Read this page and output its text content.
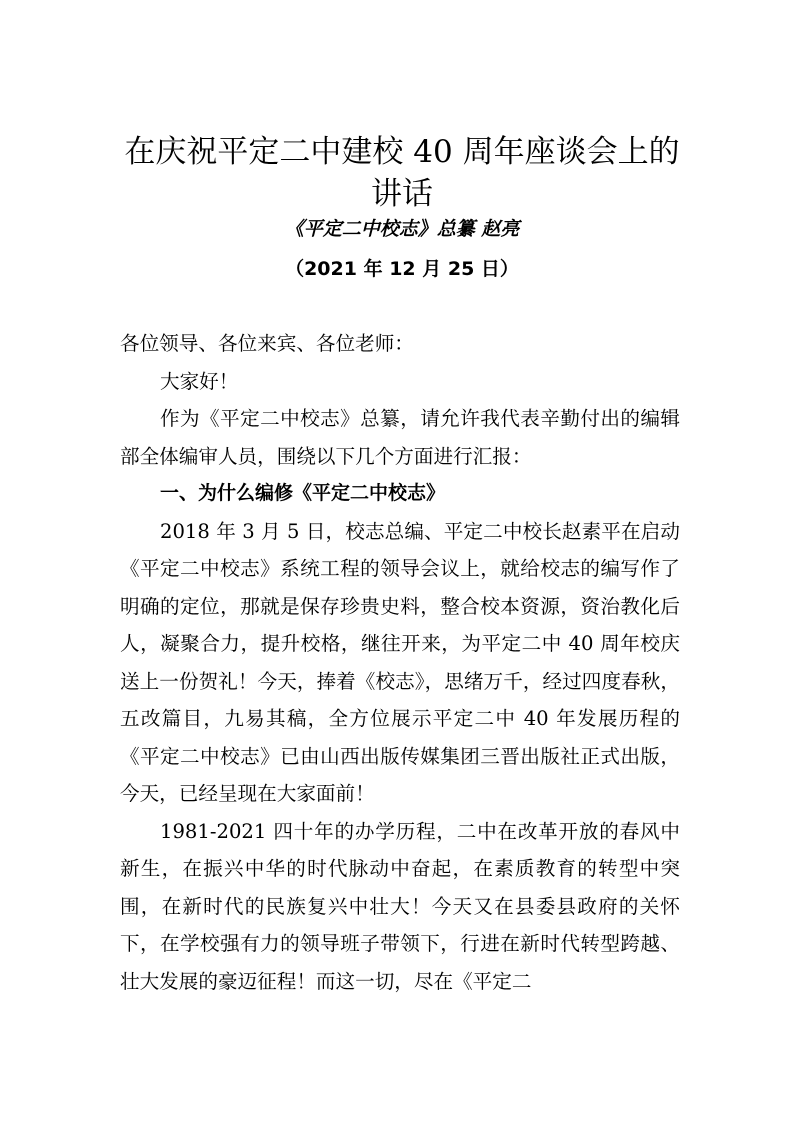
在庆祝平定二中建校 40 周年座谈会上的讲话
《平定二中校志》总纂 赵亮
（2021 年 12 月 25 日）

各位领导、各位来宾、各位老师：

大家好！

作为《平定二中校志》总纂，请允许我代表辛勤付出的编辑部全体编审人员，围绕以下几个方面进行汇报：

一、为什么编修《平定二中校志》

2018 年 3 月 5 日，校志总编、平定二中校长赵素平在启动《平定二中校志》系统工程的领导会议上，就给校志的编写作了明确的定位，那就是保存珍贵史料，整合校本资源，资治教化后人，凝聚合力，提升校格，继往开来，为平定二中 40 周年校庆送上一份贺礼！今天，捧着《校志》，思绪万千，经过四度春秋，五改篇目，九易其稿，全方位展示平定二中 40 年发展历程的《平定二中校志》已由山西出版传媒集团三晋出版社正式出版，今天，已经呈现在大家面前！

1981-2021 四十年的办学历程，二中在改革开放的春风中新生，在振兴中华的时代脉动中奋起，在素质教育的转型中突围，在新时代的民族复兴中壮大！今天又在县委县政府的关怀下，在学校强有力的领导班子带领下，行进在新时代转型跨越、壮大发展的豪迈征程！而这一切，尽在《平定二
